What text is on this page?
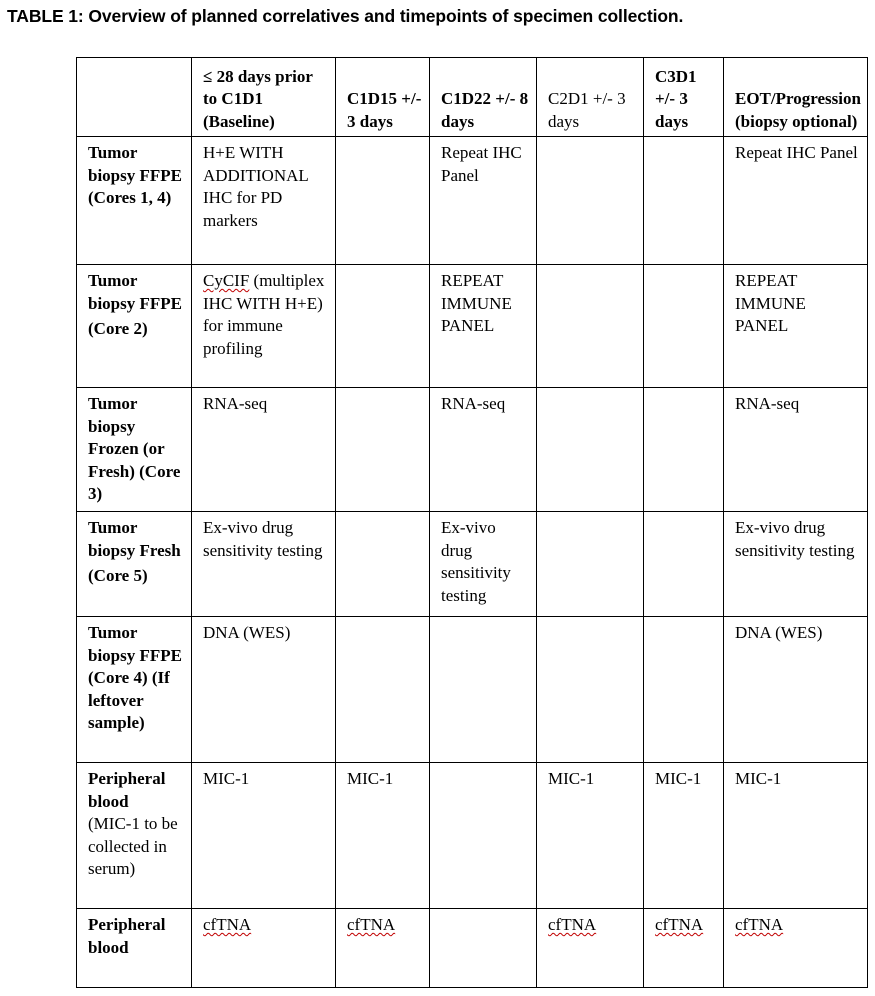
TABLE 1: Overview of planned correlatives and timepoints of specimen collection.
	≤ 28 days prior to C1D1 (Baseline)	C1D15 +/- 3 days	C1D22 +/- 8 days	C2D1 +/- 3 days	C3D1 +/- 3 days	EOT/Progression (biopsy optional)

Tumor biopsy FFPE (Cores 1, 4)	H+E WITH ADDITIONAL IHC for PD markers		Repeat IHC Panel			Repeat IHC Panel

Tumor biopsy FFPE
(Core 2)	CyCIF (multiplex IHC WITH H+E) for immune profiling		REPEAT IMMUNE PANEL			REPEAT IMMUNE PANEL

Tumor biopsy Frozen (or Fresh) (Core 3)	RNA-seq		RNA-seq			RNA-seq

Tumor biopsy Fresh
(Core 5)	Ex-vivo drug sensitivity testing		Ex-vivo drug sensitivity testing			Ex-vivo drug sensitivity testing

Tumor biopsy FFPE (Core 4) (If leftover sample)	DNA (WES)					DNA (WES)

Peripheral blood
(MIC-1 to be collected in serum)	MIC-1	MIC-1		MIC-1	MIC-1	MIC-1

Peripheral blood	cfTNA	cfTNA		cfTNA	cfTNA	cfTNA
